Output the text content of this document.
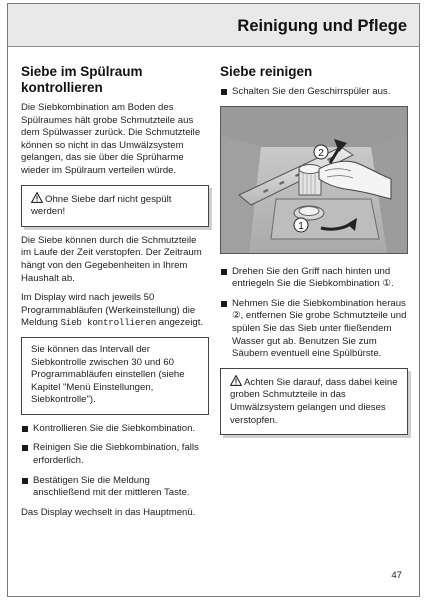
Reinigung und Pflege
Siebe im Spülraum kontrollieren

Die Siebkombination am Boden des Spülraumes hält grobe Schmutzteile aus dem Spülwasser zurück. Die Schmutzteile können so nicht in das Umwälzsystem gelangen, das sie über die Sprüharme wieder im Spülraum verteilen würde.

Ohne Siebe darf nicht gespült werden!

Die Siebe können durch die Schmutzteile im Laufe der Zeit verstopfen. Der Zeitraum hängt von den Gegebenheiten in Ihrem Haushalt ab.

Im Display wird nach jeweils 50 Programmabläufen (Werkeinstellung) die Meldung Sieb kontrollieren angezeigt.

Sie können das Intervall der Siebkontrolle zwischen 30 und 60 Programmabläufen einstellen (siehe Kapitel "Menü Einstellungen, Siebkontrolle").
Kontrollieren Sie die Siebkombination.
Reinigen Sie die Siebkombination, falls erforderlich.
Bestätigen Sie die Meldung anschließend mit der mittleren Taste.

Das Display wechselt in das Hauptmenü.

Siebe reinigen
Schalten Sie den Geschirrspüler aus.
2
1
Drehen Sie den Griff nach hinten und entriegeln Sie die Siebkombination ①.
Nehmen Sie die Siebkombination heraus ②, entfernen Sie grobe Schmutzteile und spülen Sie das Sieb unter fließendem Wasser gut ab. Benutzen Sie zum Säubern eventuell eine Spülbürste.
Achten Sie darauf, dass dabei keine groben Schmutzteile in das Umwälzsystem gelangen und dieses verstopfen.
47
